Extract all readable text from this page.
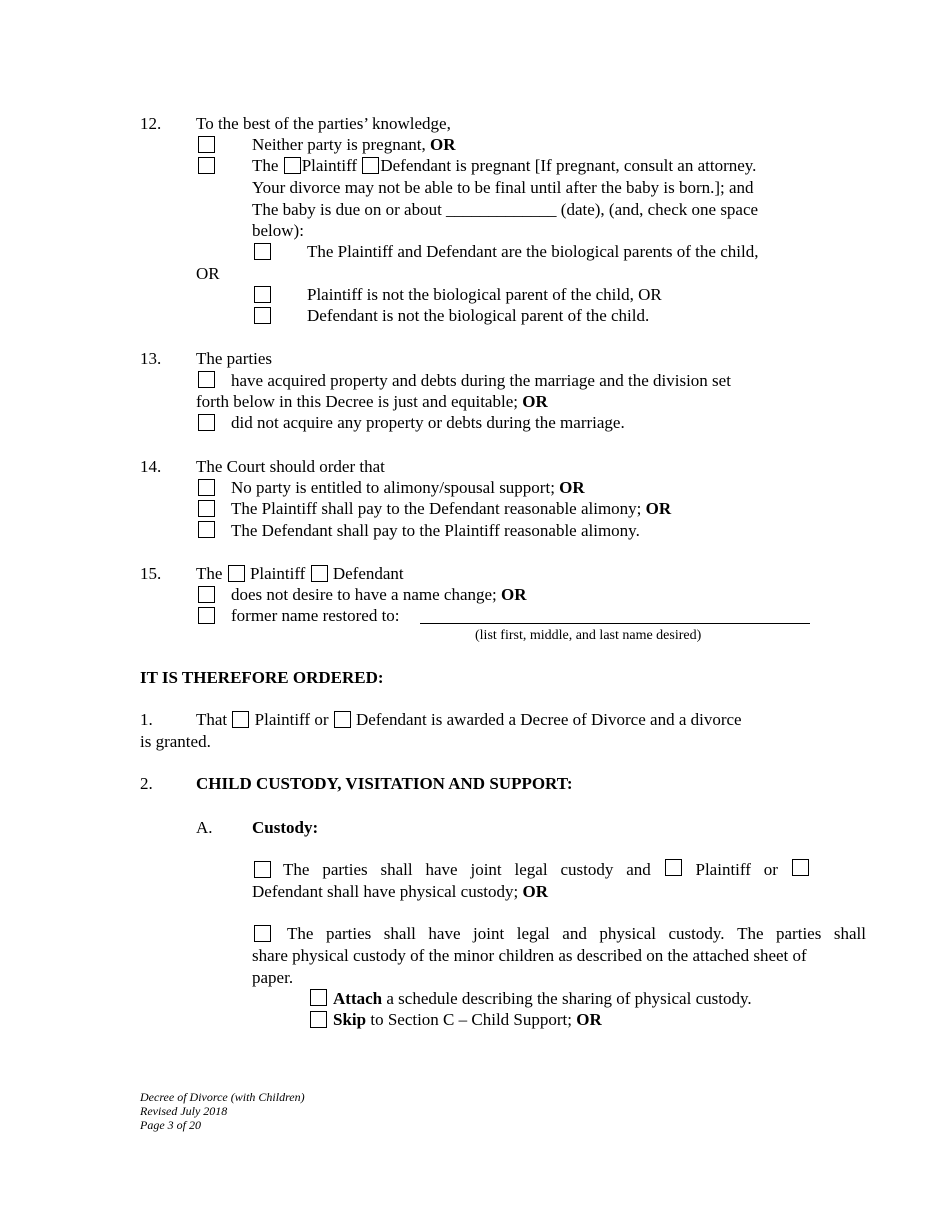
12. To the best of the parties’ knowledge,
Neither party is pregnant, OR
The Plaintiff Defendant is pregnant [If pregnant, consult an attorney.
Your divorce may not be able to be final until after the baby is born.]; and
The baby is due on or about _____________ (date), (and, check one space
below):
The Plaintiff and Defendant are the biological parents of the child,
OR
Plaintiff is not the biological parent of the child, OR
Defendant is not the biological parent of the child.
13. The parties
have acquired property and debts during the marriage and the division set
forth below in this Decree is just and equitable; OR
did not acquire any property or debts during the marriage.
14. The Court should order that
No party is entitled to alimony/spousal support; OR
The Plaintiff shall pay to the Defendant reasonable alimony; OR
The Defendant shall pay to the Plaintiff reasonable alimony.
15. The Plaintiff Defendant
does not desire to have a name change; OR
former name restored to:
(list first, middle, and last name desired)
IT IS THEREFORE ORDERED:
1.	That Plaintiff or Defendant is awarded a Decree of Divorce and a divorce
is granted.
2.	CHILD CUSTODY, VISITATION AND SUPPORT:
A. Custody:
The parties shall have joint legal custody and	Plaintiff or
Defendant shall have physical custody; OR
The parties shall have joint legal and physical custody. The parties shall
share physical custody of the minor children as described on the attached sheet of
paper.
Attach a schedule describing the sharing of physical custody.
Skip to Section C – Child Support; OR
Decree of Divorce (with Children)
Revised July 2018
Page 3 of 20
